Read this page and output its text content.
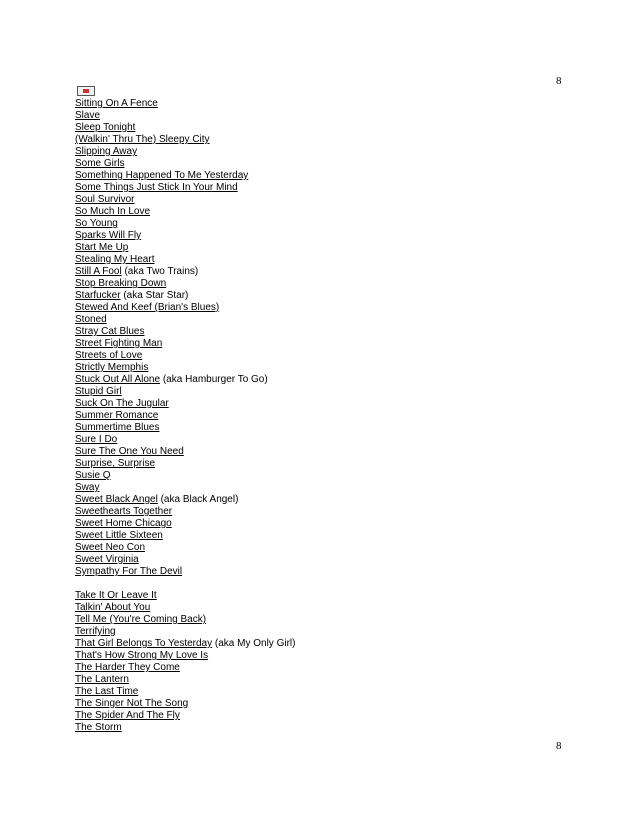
8
Sitting On A Fence
Slave
Sleep Tonight
(Walkin' Thru The) Sleepy City
Slipping Away
Some Girls
Something Happened To Me Yesterday
Some Things Just Stick In Your Mind
Soul Survivor
So Much In Love
So Young
Sparks Will Fly
Start Me Up
Stealing My Heart
Still A Fool (aka Two Trains)
Stop Breaking Down
Starfucker (aka Star Star)
Stewed And Keef (Brian's Blues)
Stoned
Stray Cat Blues
Street Fighting Man
Streets of Love
Strictly Memphis
Stuck Out All Alone (aka Hamburger To Go)
Stupid Girl
Suck On The Jugular
Summer Romance
Summertime Blues
Sure I Do
Sure The One You Need
Surprise, Surprise
Susie Q
Sway
Sweet Black Angel (aka Black Angel)
Sweethearts Together
Sweet Home Chicago
Sweet Little Sixteen
Sweet Neo Con
Sweet Virginia
Sympathy For The Devil
Take It Or Leave It
Talkin' About You
Tell Me (You're Coming Back)
Terrifying
That Girl Belongs To Yesterday (aka My Only Girl)
That's How Strong My Love Is
The Harder They Come
The Lantern
The Last Time
The Singer Not The Song
The Spider And The Fly
The Storm
8
